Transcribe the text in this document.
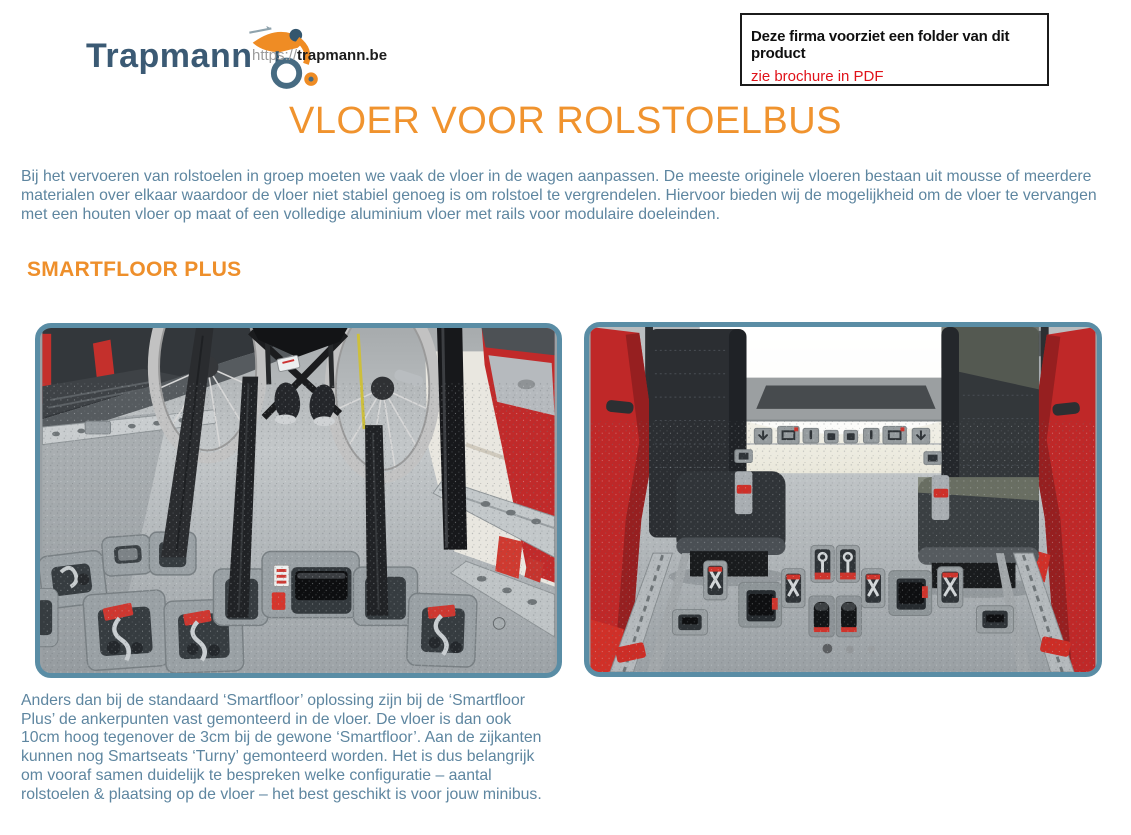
Trapmann https://trapmann.be

Deze firma voorziet een folder van dit product

zie brochure in PDF
VLOER VOOR ROLSTOELBUS

Bij het vervoeren van rolstoelen in groep moeten we vaak de vloer in de wagen aanpassen. De meeste originele vloeren bestaan uit mousse of meerdere materialen over elkaar waardoor de vloer niet stabiel genoeg is om rolstoel te vergrendelen. Hiervoor bieden wij de mogelijkheid om de vloer te vervangen met een houten vloer op maat of een volledige aluminium vloer met rails voor modulaire doeleinden.

SMARTFLOOR PLUS

Anders dan bij de standaard ‘Smartfloor’ oplossing zijn bij de ‘Smartfloor Plus’ de ankerpunten vast gemonteerd in de vloer. De vloer is dan ook 10cm hoog tegenover de 3cm bij de gewone ‘Smartfloor’. Aan de zijkanten kunnen nog Smartseats ‘Turny’ gemonteerd worden. Het is dus belangrijk om vooraf samen duidelijk te bespreken welke configuratie – aantal rolstoelen & plaatsing op de vloer – het best geschikt is voor jouw minibus.
